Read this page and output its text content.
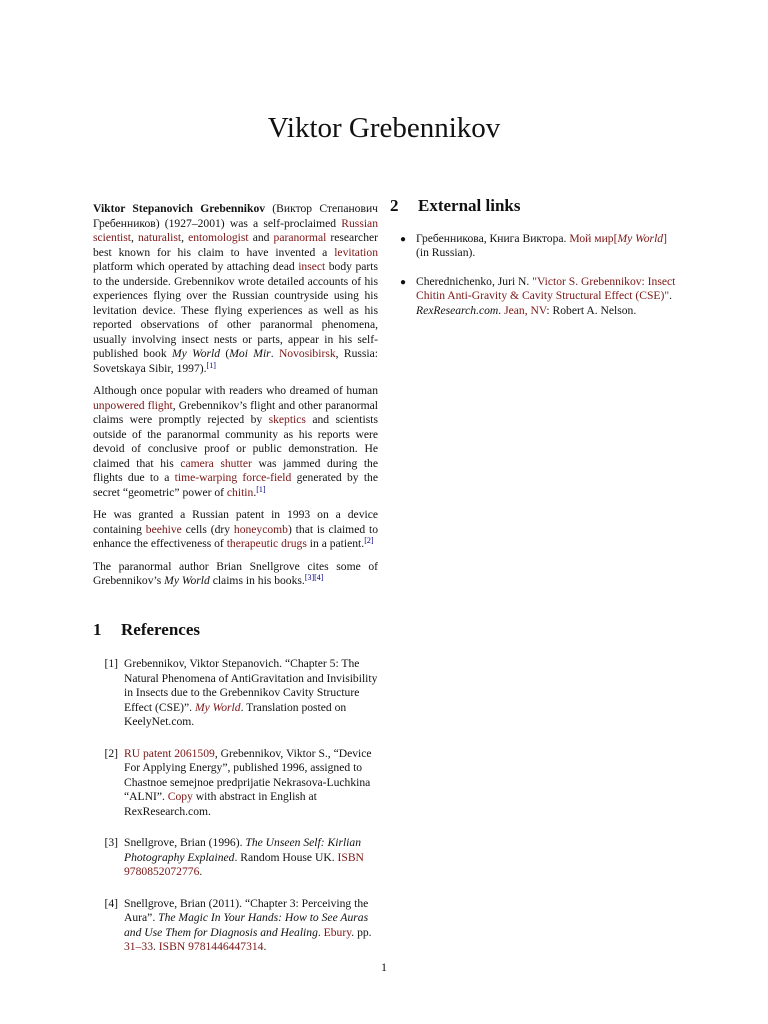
Viktor Grebennikov

Viktor Stepanovich Grebennikov (Виктор Степанович Гребенников) (1927–2001) was a self-proclaimed Russian scientist, naturalist, entomologist and paranormal researcher best known for his claim to have invented a levitation platform which operated by attaching dead insect body parts to the underside. Grebennikov wrote detailed accounts of his experiences flying over the Russian countryside using his levitation device. These flying experiences as well as his reported observations of other paranormal phenomena, usually involving insect nests or parts, appear in his self-published book My World (Moi Mir. Novosibirsk, Russia: Sovetskaya Sibir, 1997).[1]

Although once popular with readers who dreamed of human unpowered flight, Grebennikov’s flight and other paranormal claims were promptly rejected by skeptics and scientists outside of the paranormal community as his reports were devoid of conclusive proof or public demonstration. He claimed that his camera shutter was jammed during the flights due to a time-warping force-field generated by the secret “geometric” power of chitin.[1]

He was granted a Russian patent in 1993 on a device containing beehive cells (dry honeycomb) that is claimed to enhance the effectiveness of therapeutic drugs in a patient.[2]

The paranormal author Brian Snellgrove cites some of Grebennikov’s My World claims in his books.[3][4]

1	References
[1] Grebennikov, Viktor Stepanovich. “Chapter 5: The Natural Phenomena of AntiGravitation and Invisibility in Insects due to the Grebennikov Cavity Structure Effect (CSE)”. My World. Translation posted on KeelyNet.com.
[2] RU patent 2061509, Grebennikov, Viktor S., “Device For Applying Energy”, published 1996, assigned to Chastnoe semejnoe predprijatie Nekrasova-Luchkina “ALNI”. Copy with abstract in English at RexResearch.com.
[3] Snellgrove, Brian (1996). The Unseen Self: Kirlian Photography Explained. Random House UK. ISBN 9780852072776.
[4] Snellgrove, Brian (2011). “Chapter 3: Perceiving the Aura”. The Magic In Your Hands: How to See Auras and Use Them for Diagnosis and Healing. Ebury. pp. 31–33. ISBN 9781446447314.
2	External links
● Гребенникова, Книга Виктора. Мой мир[My World] (in Russian).
● Cherednichenko, Juri N. "Victor S. Grebennikov: Insect Chitin Anti-Gravity & Cavity Structural Effect (CSE)". RexResearch.com. Jean, NV: Robert A. Nelson.
1
